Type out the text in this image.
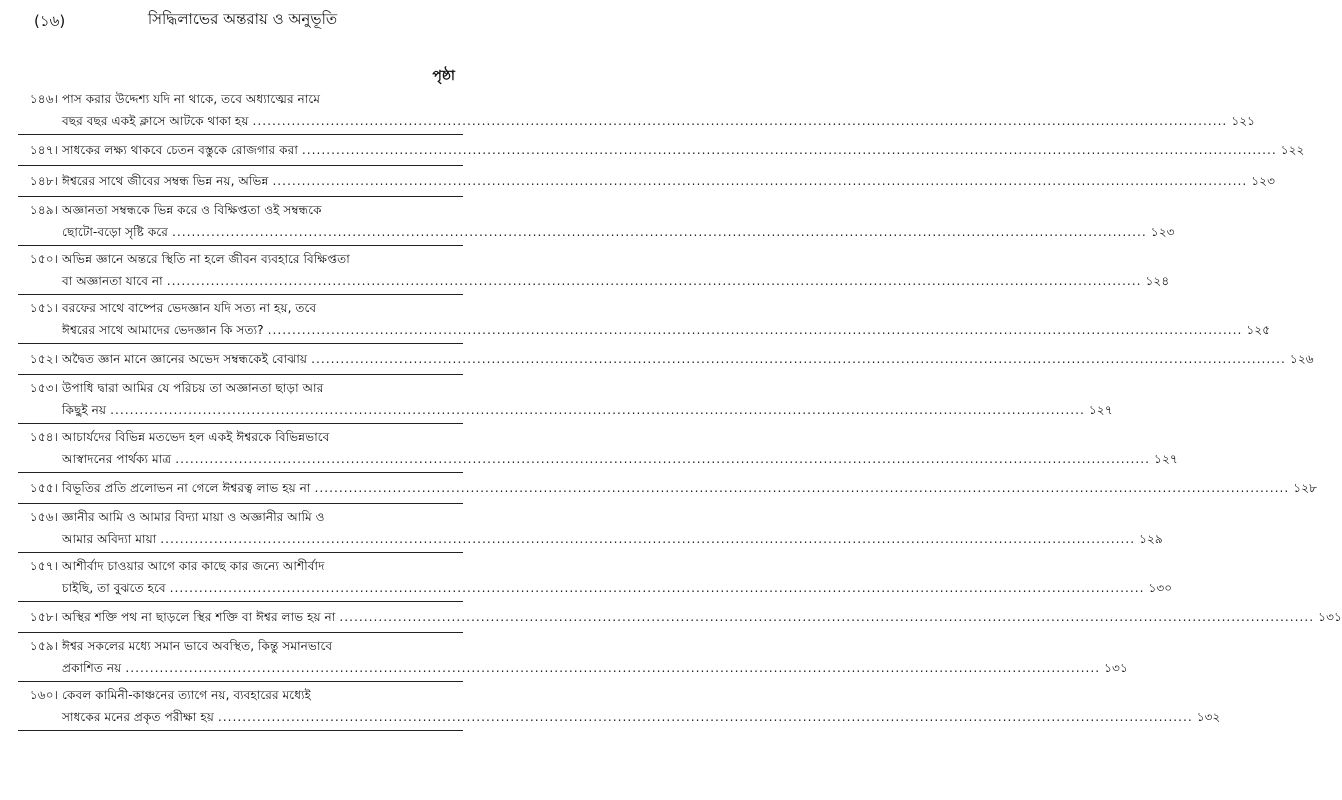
(১৬)	সিদ্ধিলাভের অন্তরায় ও অনুভূতি
পৃষ্ঠা
১৪৬। পাস করার উদ্দেশ্য যদি না থাকে, তবে অধ্যাত্মের নামে
বছর বছর একই ক্লাসে আটকে থাকা হয় ........................................................................................................................................................................................................ ১২১
১৪৭। সাধকের লক্ষ্য থাকবে চেতন বস্তুকে রোজগার করা ........................................................................................................................................................................................................ ১২২
১৪৮। ঈশ্বরের সাথে জীবের সম্বন্ধ ভিন্ন নয়, অভিন্ন ........................................................................................................................................................................................................ ১২৩
১৪৯। অজ্ঞানতা সম্বন্ধকে ভিন্ন করে ও বিক্ষিপ্ততা ওই সম্বন্ধকে
ছোটো-বড়ো সৃষ্টি করে ........................................................................................................................................................................................................ ১২৩
১৫০। অভিন্ন জ্ঞানে অন্তরে স্থিতি না হলে জীবন ব্যবহারে বিক্ষিপ্ততা
বা অজ্ঞানতা যাবে না ........................................................................................................................................................................................................ ১২৪
১৫১। বরফের সাথে বাষ্পের ভেদজ্ঞান যদি সত্য না হয়, তবে
ঈশ্বরের সাথে আমাদের ভেদজ্ঞান কি সত্য? ........................................................................................................................................................................................................ ১২৫
১৫২। অদ্বৈত জ্ঞান মানে জ্ঞানের অভেদ সম্বন্ধকেই বোঝায় ........................................................................................................................................................................................................ ১২৬
১৫৩। উপাধি দ্বারা আমির যে পরিচয় তা অজ্ঞানতা ছাড়া আর
কিছুই নয় ........................................................................................................................................................................................................ ১২৭
১৫৪। আচার্যদের বিভিন্ন মতভেদ হল একই ঈশ্বরকে বিভিন্নভাবে
আস্বাদনের পার্থক্য মাত্র ........................................................................................................................................................................................................ ১২৭
১৫৫। বিভূতির প্রতি প্রলোভন না গেলে ঈশ্বরত্ব লাভ হয় না ........................................................................................................................................................................................................ ১২৮
১৫৬। জ্ঞানীর আমি ও আমার বিদ্যা মায়া ও অজ্ঞানীর আমি ও
আমার অবিদ্যা মায়া ........................................................................................................................................................................................................ ১২৯
১৫৭। আশীর্বাদ চাওয়ার আগে কার কাছে কার জন্যে আশীর্বাদ
চাইছি, তা বুঝতে হবে ........................................................................................................................................................................................................ ১৩০
১৫৮। অস্থির শক্তি পথ না ছাড়লে স্থির শক্তি বা ঈশ্বর লাভ হয় না ........................................................................................................................................................................................................ ১৩১
১৫৯। ঈশ্বর সকলের মধ্যে সমান ভাবে অবস্থিত, কিন্তু সমানভাবে
প্রকাশিত নয় ........................................................................................................................................................................................................ ১৩১
১৬০। কেবল কামিনী-কাঞ্চনের ত্যাগে নয়, ব্যবহারের মধ্যেই
সাধকের মনের প্রকৃত পরীক্ষা হয় ........................................................................................................................................................................................................ ১৩২
